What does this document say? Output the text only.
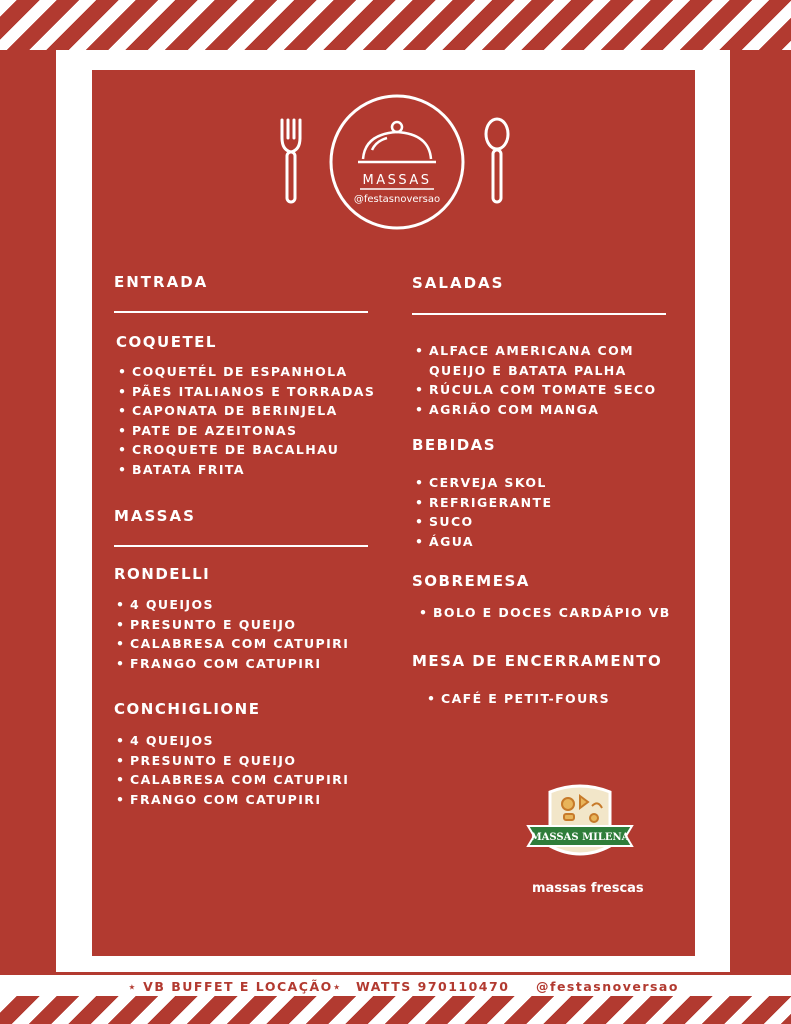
MASSAS
@festasnoversao
ENTRADA
COQUETEL
• COQUETÉL DE ESPANHOLA
• PÃES ITALIANOS E TORRADAS
• CAPONATA DE BERINJELA
• PATE DE AZEITONAS
• CROQUETE DE BACALHAU
• BATATA FRITA
MASSAS
RONDELLI
• 4 QUEIJOS
• PRESUNTO E QUEIJO
• CALABRESA COM CATUPIRI
• FRANGO COM CATUPIRI
CONCHIGLIONE
• 4 QUEIJOS
• PRESUNTO E QUEIJO
• CALABRESA COM CATUPIRI
• FRANGO COM CATUPIRI
SALADAS
• ALFACE AMERICANA COM
QUEIJO E BATATA PALHA
• RÚCULA COM TOMATE SECO
• AGRIÃO COM MANGA
BEBIDAS
• CERVEJA SKOL
• REFRIGERANTE
• SUCO
• ÁGUA
SOBREMESA
• BOLO E DOCES CARDÁPIO VB
MESA DE ENCERRAMENTO
• CAFÉ E PETIT-FOURS
MASSAS MILENA
massas frescas
⋆ VB BUFFET E LOCAÇÃO⋆ WATTS 970110470 @festasnoversao
